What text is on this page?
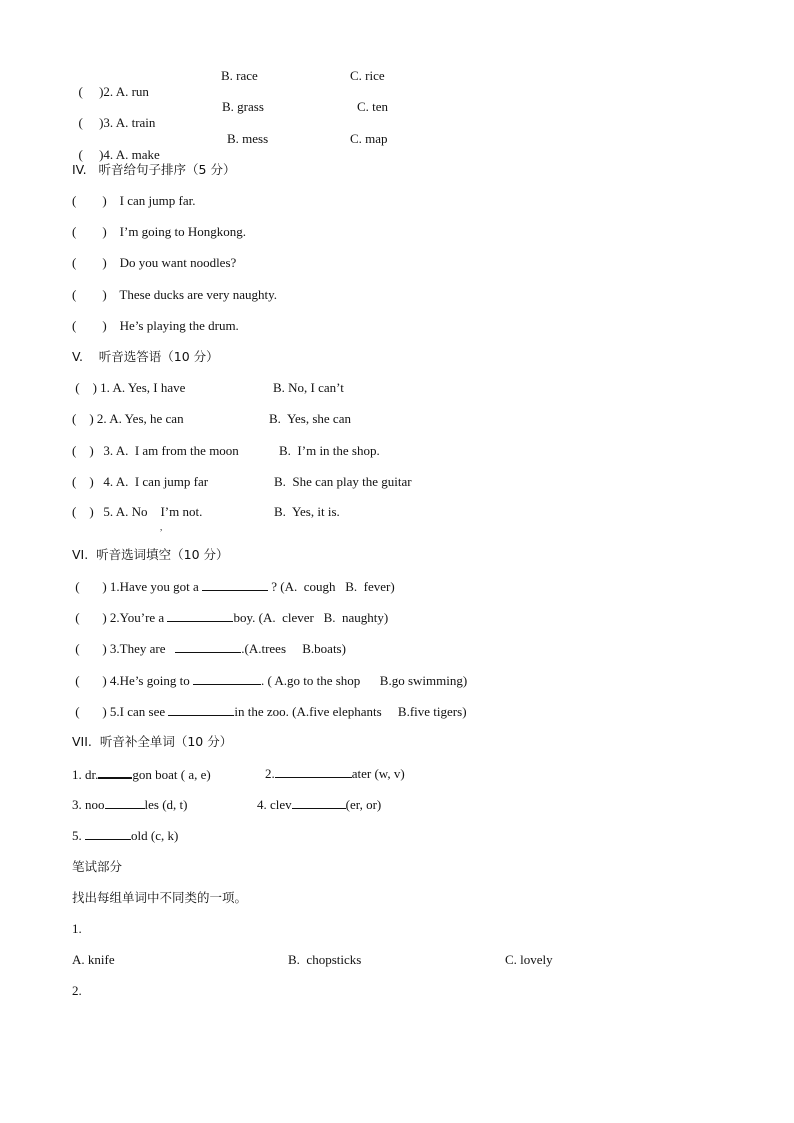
(     )2. A. run

B. race	C. rice

(     )3. A. train

B. grass	C. ten

(     )4. A. make

B. mess	C. map
IV.   听音给句子排序（5 分）
(        )    I can jump far.
(        )    I’m going to Hongkong.
(        )    Do you want noodles?
(        )    These ducks are very naughty.
(        )    He’s playing the drum.
V.    听音选答语（10 分）
(    ) 1. A. Yes, I have	B. No, I can’t
(    ) 2. A. Yes, he can	B.  Yes, she can
(    )   3. A.  I am from the moon	B.  I’m in the shop.
(    )   4. A.  I can jump far	B.  She can play the guitar
(    )   5. A. No    I’m not.	B.  Yes, it is.
,
VI.  听音选词填空（10 分）
(       ) 1.Have you got a	? (A.  cough   B.  fever)
(       ) 2.You’re a	boy. (A.  clever   B.  naughty)
(       ) 3.They are	.(A.trees     B.boats)
(       ) 4.He’s going to	. ( A.go to the shop      B.go swimming)
(       ) 5.I can see	in the zoo. (A.five elephants     B.five tigers)
VII.  听音补全单词（10 分）
1. dr.	gon boat ( a, e)	2.	ater (w, v)
3. noo	les (d, t)	4. clev	(er, or)
5.	old (c, k)
笔试部分
找出每组单词中不同类的一项。
1.
A. knife	B.  chopsticks	C. lovely
2.
